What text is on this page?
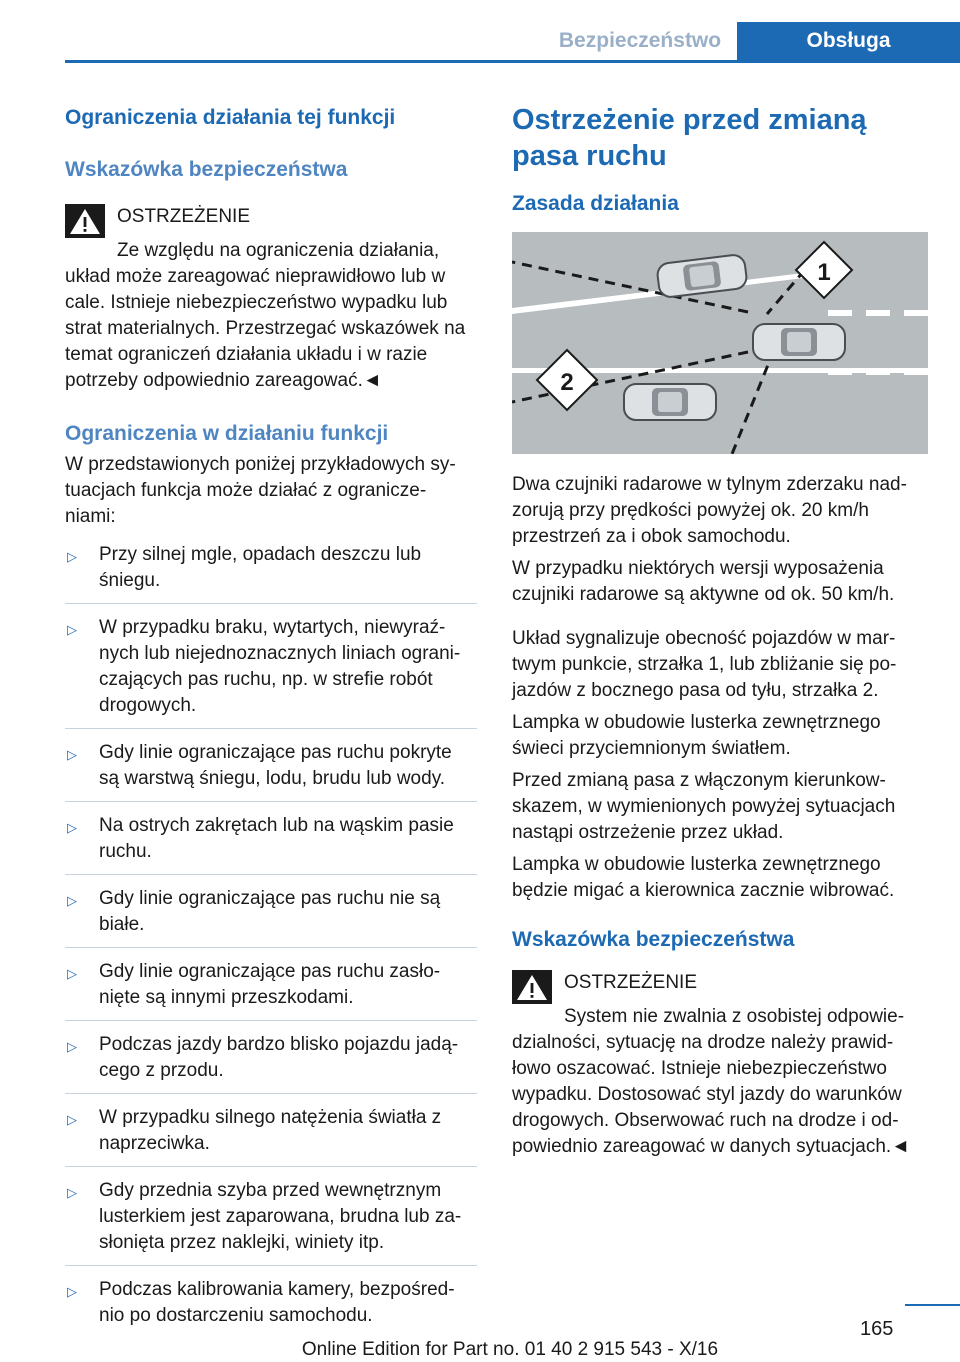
Bezpieczeństwo	Obsługa
Ograniczenia działania tej funkcji
Wskazówka bezpieczeństwa

OSTRZEŻENIE

Ze względu na ograniczenia działania,

układ może zareagować nieprawidłowo lub w cale. Istnieje niebezpieczeństwo wypadku lub strat materialnych. Przestrzegać wskazówek na temat ograniczeń działania układu i w razie potrzeby odpowiednio zareagować.◄

Ograniczenia w działaniu funkcji

W przedstawionych poniżej przykładowych sy- tuacjach funkcja może działać z ogranicze- niami:

▷ Przy silnej mgle, opadach deszczu lub śniegu.
▷ W przypadku braku, wytartych, niewyraź- nych lub niejednoznacznych liniach ograni- czających pas ruchu, np. w strefie robót drogowych.
▷ Gdy linie ograniczające pas ruchu pokryte są warstwą śniegu, lodu, brudu lub wody.
▷ Na ostrych zakrętach lub na wąskim pasie ruchu.
▷ Gdy linie ograniczające pas ruchu nie są białe.
▷ Gdy linie ograniczające pas ruchu zasło- nięte są innymi przeszkodami.
▷ Podczas jazdy bardzo blisko pojazdu jadą- cego z przodu.
▷ W przypadku silnego natężenia światła z naprzeciwka.
▷ Gdy przednia szyba przed wewnętrznym lusterkiem jest zaparowana, brudna lub za- słonięta przez naklejki, winiety itp.
▷ Podczas kalibrowania kamery, bezpośred- nio po dostarczeniu samochodu.
Ostrzeżenie przed zmianą pasa ruchu
Zasada działania
1
2

Dwa czujniki radarowe w tylnym zderzaku nad- zorują przy prędkości powyżej ok. 20 km/h przestrzeń za i obok samochodu.

W przypadku niektórych wersji wyposażenia czujniki radarowe są aktywne od ok. 50 km/h.

Układ sygnalizuje obecność pojazdów w mar- twym punkcie, strzałka 1, lub zbliżanie się po- jazdów z bocznego pasa od tyłu, strzałka 2.

Lampka w obudowie lusterka zewnętrznego świeci przyciemnionym światłem.

Przed zmianą pasa z włączonym kierunkow- skazem, w wymienionych powyżej sytuacjach nastąpi ostrzeżenie przez układ.

Lampka w obudowie lusterka zewnętrznego będzie migać a kierownica zacznie wibrować.

Wskazówka bezpieczeństwa

OSTRZEŻENIE

System nie zwalnia z osobistej odpowie-

dzialności, sytuację na drodze należy prawid- łowo oszacować. Istnieje niebezpieczeństwo wypadku. Dostosować styl jazdy do warunków drogowych. Obserwować ruch na drodze i od- powiednio zareagować w danych sytuacjach.◄

165
Online Edition for Part no. 01 40 2 915 543 - X/16
